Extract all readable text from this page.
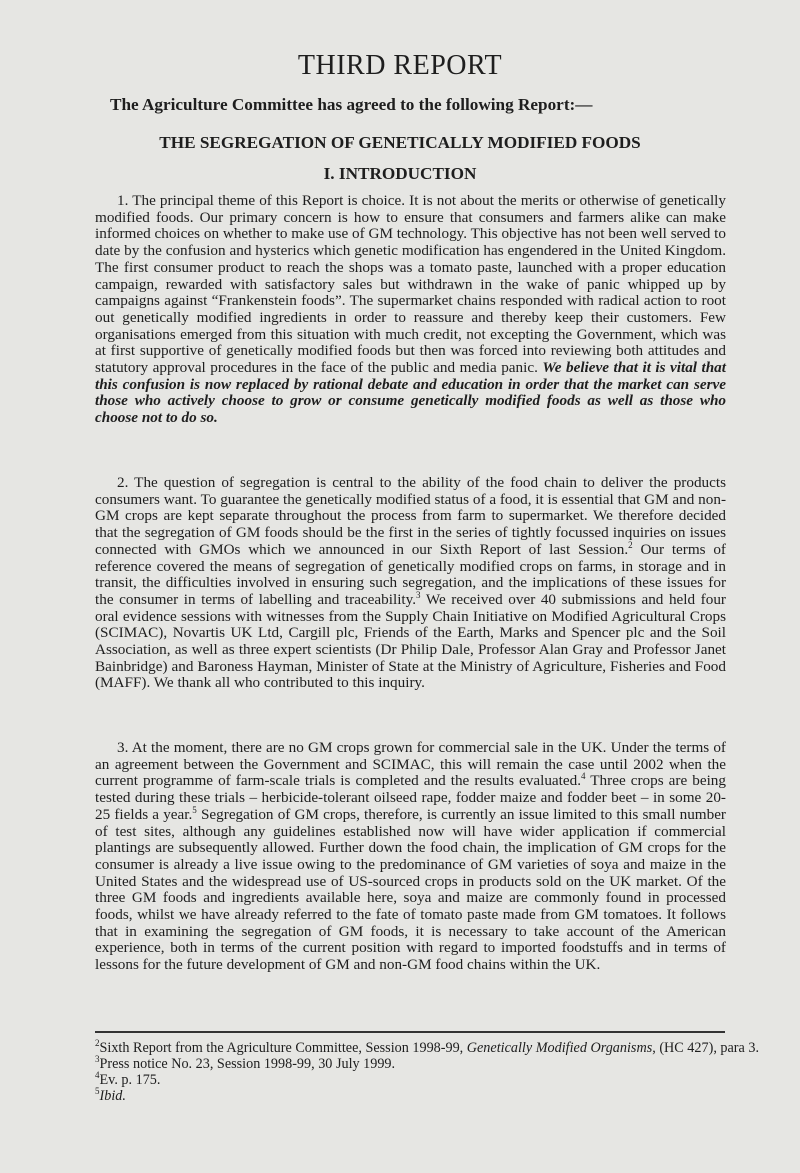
THIRD REPORT

The Agriculture Committee has agreed to the following Report:—

THE SEGREGATION OF GENETICALLY MODIFIED FOODS
I. INTRODUCTION

1. The principal theme of this Report is choice. It is not about the merits or otherwise of genetically modified foods. Our primary concern is how to ensure that consumers and farmers alike can make informed choices on whether to make use of GM technology. This objective has not been well served to date by the confusion and hysterics which genetic modification has engendered in the United Kingdom. The first consumer product to reach the shops was a tomato paste, launched with a proper education campaign, rewarded with satisfactory sales but withdrawn in the wake of panic whipped up by campaigns against “Frankenstein foods”. The supermarket chains responded with radical action to root out genetically modified ingredients in order to reassure and thereby keep their customers. Few organisations emerged from this situation with much credit, not excepting the Government, which was at first supportive of genetically modified foods but then was forced into reviewing both attitudes and statutory approval procedures in the face of the public and media panic. We believe that it is vital that this confusion is now replaced by rational debate and education in order that the market can serve those who actively choose to grow or consume genetically modified foods as well as those who choose not to do so.

2. The question of segregation is central to the ability of the food chain to deliver the products consumers want. To guarantee the genetically modified status of a food, it is essential that GM and non-GM crops are kept separate throughout the process from farm to supermarket. We therefore decided that the segregation of GM foods should be the first in the series of tightly focussed inquiries on issues connected with GMOs which we announced in our Sixth Report of last Session.$^2$ Our terms of reference covered the means of segregation of genetically modified crops on farms, in storage and in transit, the difficulties involved in ensuring such segregation, and the implications of these issues for the consumer in terms of labelling and traceability.$^3$ We received over 40 submissions and held four oral evidence sessions with witnesses from the Supply Chain Initiative on Modified Agricultural Crops (SCIMAC), Novartis UK Ltd, Cargill plc, Friends of the Earth, Marks and Spencer plc and the Soil Association, as well as three expert scientists (Dr Philip Dale, Professor Alan Gray and Professor Janet Bainbridge) and Baroness Hayman, Minister of State at the Ministry of Agriculture, Fisheries and Food (MAFF). We thank all who contributed to this inquiry.

3. At the moment, there are no GM crops grown for commercial sale in the UK. Under the terms of an agreement between the Government and SCIMAC, this will remain the case until 2002 when the current programme of farm-scale trials is completed and the results evaluated.$^4$ Three crops are being tested during these trials – herbicide-tolerant oilseed rape, fodder maize and fodder beet – in some 20-25 fields a year.$^5$ Segregation of GM crops, therefore, is currently an issue limited to this small number of test sites, although any guidelines established now will have wider application if commercial plantings are subsequently allowed. Further down the food chain, the implication of GM crops for the consumer is already a live issue owing to the predominance of GM varieties of soya and maize in the United States and the widespread use of US-sourced crops in products sold on the UK market. Of the three GM foods and ingredients available here, soya and maize are commonly found in processed foods, whilst we have already referred to the fate of tomato paste made from GM tomatoes. It follows that in examining the segregation of GM foods, it is necessary to take account of the American experience, both in terms of the current position with regard to imported foodstuffs and in terms of lessons for the future development of GM and non-GM food chains within the UK.

$^2$Sixth Report from the Agriculture Committee, Session 1998-99, Genetically Modified Organisms, (HC 427), para 3.
$^3$Press notice No. 23, Session 1998-99, 30 July 1999.
$^4$Ev. p. 175.
$^5$Ibid.
